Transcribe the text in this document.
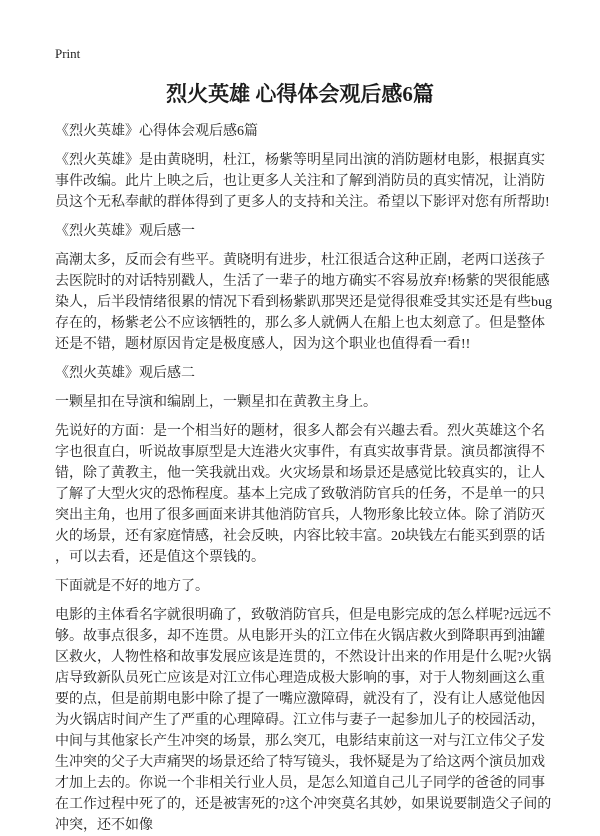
Print
烈火英雄 心得体会观后感6篇

《烈火英雄》心得体会观后感6篇

《烈火英雄》是由黄晓明，杜江，杨紫等明星同出演的消防题材电影，根据真实事件改编。此片上映之后，也让更多人关注和了解到消防员的真实情况，让消防员这个无私奉献的群体得到了更多人的支持和关注。希望以下影评对您有所帮助!

《烈火英雄》观后感一

高潮太多，反而会有些平。黄晓明有进步，杜江很适合这种正剧，老两口送孩子去医院时的对话特别戳人，生活了一辈子的地方确实不容易放弃!杨紫的哭很能感染人，后半段情绪很累的情况下看到杨紫趴那哭还是觉得很难受其实还是有些bug存在的，杨紫老公不应该牺牲的，那么多人就俩人在船上也太刻意了。但是整体还是不错，题材原因肯定是极度感人，因为这个职业也值得看一看!!

《烈火英雄》观后感二

一颗星扣在导演和编剧上，一颗星扣在黄教主身上。

先说好的方面：是一个相当好的题材，很多人都会有兴趣去看。烈火英雄这个名字也很直白，听说故事原型是大连港火灾事件，有真实故事背景。演员都演得不错，除了黄教主，他一笑我就出戏。火灾场景和场景还是感觉比较真实的，让人了解了大型火灾的恐怖程度。基本上完成了致敬消防官兵的任务，不是单一的只突出主角，也用了很多画面来讲其他消防官兵，人物形象比较立体。除了消防灭火的场景，还有家庭情感，社会反映，内容比较丰富。20块钱左右能买到票的话，可以去看，还是值这个票钱的。

下面就是不好的地方了。

电影的主体看名字就很明确了，致敬消防官兵，但是电影完成的怎么样呢?远远不够。故事点很多，却不连贯。从电影开头的江立伟在火锅店救火到降职再到油罐区救火，人物性格和故事发展应该是连贯的，不然设计出来的作用是什么呢?火锅店导致新队员死亡应该是对江立伟心理造成极大影响的事，对于人物刻画这么重要的点，但是前期电影中除了提了一嘴应激障碍，就没有了，没有让人感觉他因为火锅店时间产生了严重的心理障碍。江立伟与妻子一起参加儿子的校园活动，中间与其他家长产生冲突的场景，那么突兀，电影结束前这一对与江立伟父子发生冲突的父子大声痛哭的场景还给了特写镜头，我怀疑是为了给这两个演员加戏才加上去的。你说一个非相关行业人员，是怎么知道自己儿子同学的爸爸的同事在工作过程中死了的，还是被害死的?这个冲突莫名其妙，如果说要制造父子间的冲突，还不如像
